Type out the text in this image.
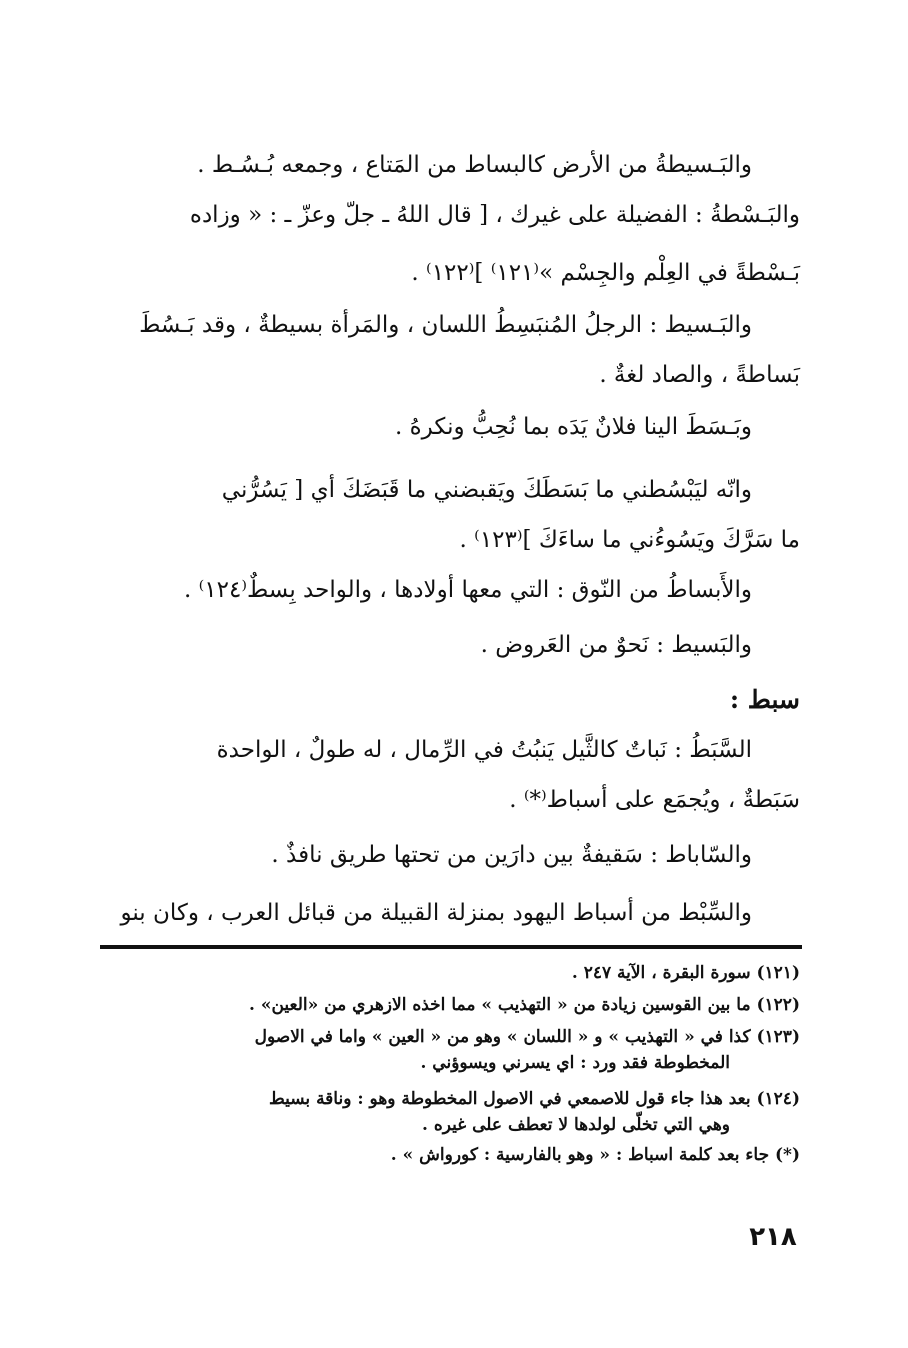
والبَـسيطةُ من الأرض كالبساط من المَتاع ، وجمعه بُـسُـط .
والبَـسْطةُ : الفضيلة على غيرك ، [ قال اللهُ ـ جلّ وعزّ ـ : « وزاده
بَـسْطةً في العِلْم والجِسْم »⁽١٢١⁾ ]⁽١٢٢⁾ .
والبَـسيط : الرجلُ المُنبَسِطُ اللسان ، والمَرأة بسيطةٌ ، وقد بَـسُطَ
بَساطةً ، والصاد لغةٌ .
وبَـسَطَ الينا فلانٌ يَدَه بما نُحِبُّ ونكرهُ .
وانّه ليَبْسُطني ما بَسَطَكَ ويَقبضني ما قَبَضَكَ أي [ يَسُرُّني
ما سَرَّكَ ويَسُوءُني ما ساءَكَ ]⁽١٢٣⁾ .
والأَبساطُ من النّوق : التي معها أولادها ، والواحد بِسطٌ⁽١٢٤⁾ .
والبَسيط : نَحوٌ من العَروض .
سبط :
السَّبَطُ : نَباتٌ كالثَّيل يَنبُتُ في الرِّمال ، له طولٌ ، الواحدة
سَبَطةٌ ، ويُجمَع على أسباط⁽*⁾ .
والسّاباط : سَقيفةٌ بين دارَين من تحتها طريق نافذٌ .
والسِّبْط من أسباط اليهود بمنزلة القبيلة من قبائل العرب ، وكان بنو
(١٢١) سورة البقرة ، الآية ٢٤٧ .
(١٢٢) ما بين القوسين زيادة من « التهذيب » مما اخذه الازهري من «العين» .
(١٢٣) كذا في « التهذيب » و « اللسان » وهو من « العين » واما في الاصول
المخطوطة فقد ورد : اي يسرني ويسوؤني .
(١٢٤) بعد هذا جاء قول للاصمعي في الاصول المخطوطة وهو : وناقة بسيط
وهي التي تخلّى لولدها لا تعطف على غيره .
(*) جاء بعد كلمة اسباط : « وهو بالفارسية : كورواش » .
٢١٨
